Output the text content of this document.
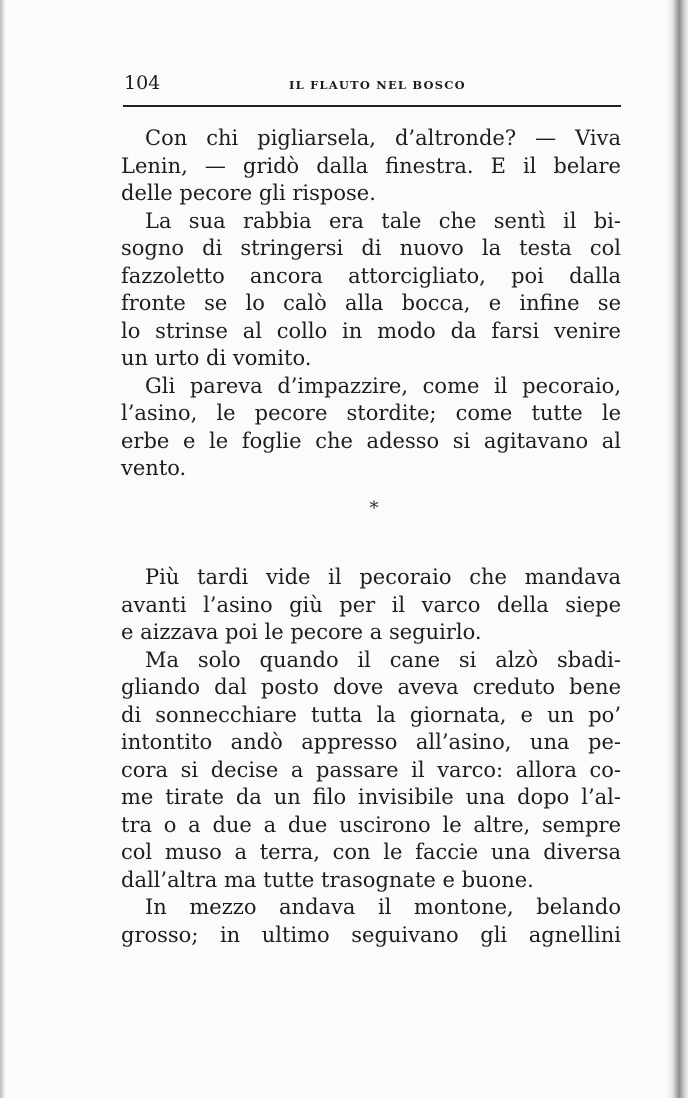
104	IL FLAUTO NEL BOSCO
Con chi pigliarsela, d’altronde? — Viva
Lenin, — gridò dalla finestra. E il belare
delle pecore gli rispose.
La sua rabbia era tale che sentì il bi-
sogno di stringersi di nuovo la testa col
fazzoletto ancora attorcigliato, poi dalla
fronte se lo calò alla bocca, e infine se
lo strinse al collo in modo da farsi venire
un urto di vomito.
Gli pareva d’impazzire, come il pecoraio,
l’asino, le pecore stordite; come tutte le
erbe e le foglie che adesso si agitavano al
vento.
*
Più tardi vide il pecoraio che mandava
avanti l’asino giù per il varco della siepe
e aizzava poi le pecore a seguirlo.
Ma solo quando il cane si alzò sbadi-
gliando dal posto dove aveva creduto bene
di sonnecchiare tutta la giornata, e un po’
intontito andò appresso all’asino, una pe-
cora si decise a passare il varco: allora co-
me tirate da un filo invisibile una dopo l’al-
tra o a due a due uscirono le altre, sempre
col muso a terra, con le faccie una diversa
dall’altra ma tutte trasognate e buone.
In mezzo andava il montone, belando
grosso; in ultimo seguivano gli agnellini
